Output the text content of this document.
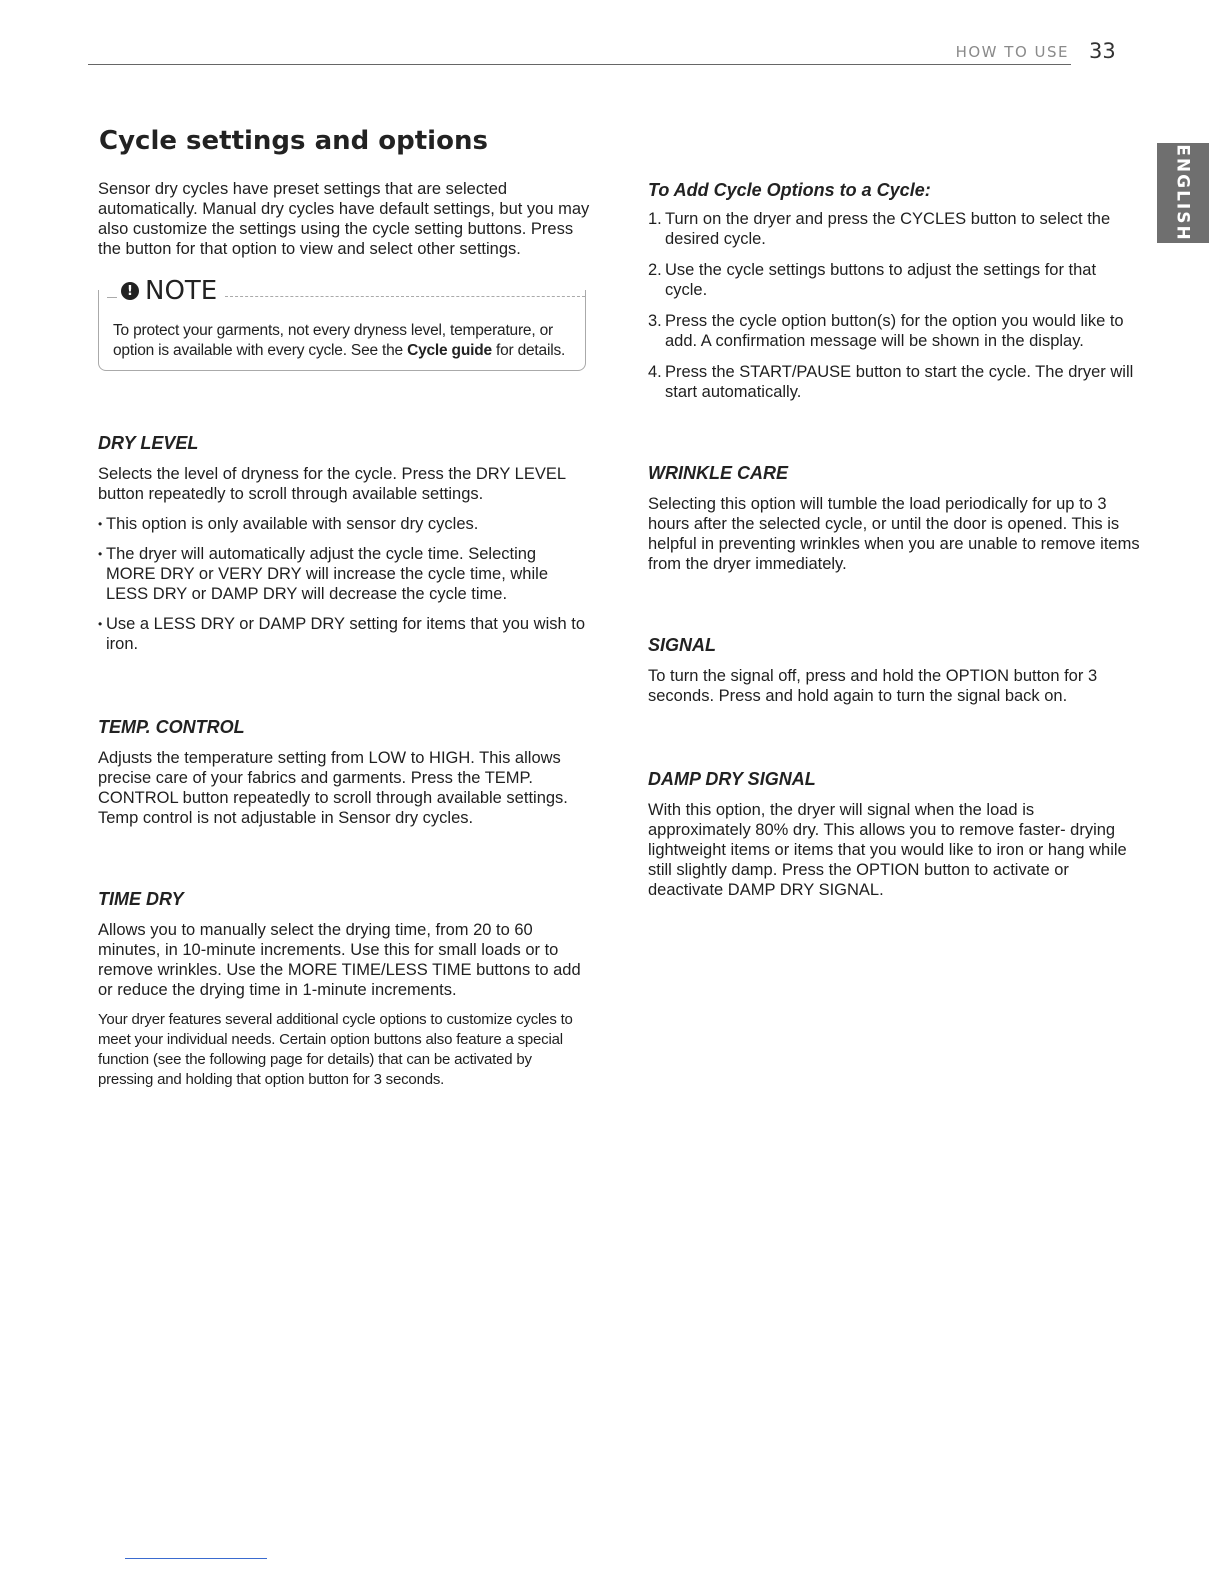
HOW TO USE 33
ENGLISH
Cycle settings and options

Sensor dry cycles have preset settings that are selected automatically. Manual dry cycles have default settings, but you may also customize the settings using the cycle setting buttons. Press the button for that option to view and select other settings.

! NOTE
To protect your garments, not every dryness level, temperature, or option is available with every cycle. See the Cycle guide for details.
To Add Cycle Options to a Cycle:
1. Turn on the dryer and press the CYCLES button to select the desired cycle.
2. Use the cycle settings buttons to adjust the settings for that cycle.
3. Press the cycle option button(s) for the option you would like to add. A confirmation message will be shown in the display.
4. Press the START/PAUSE button to start the cycle. The dryer will start automatically.
DRY LEVEL

Selects the level of dryness for the cycle. Press the DRY LEVEL button repeatedly to scroll through available settings.

• This option is only available with sensor dry cycles.
• The dryer will automatically adjust the cycle time. Selecting MORE DRY or VERY DRY will increase the cycle time, while LESS DRY or DAMP DRY will decrease the cycle time.
• Use a LESS DRY or DAMP DRY setting for items that you wish to iron.
TEMP. CONTROL

Adjusts the temperature setting from LOW to HIGH. This allows precise care of your fabrics and garments. Press the TEMP. CONTROL button repeatedly to scroll through available settings. Temp control is not adjustable in Sensor dry cycles.

TIME DRY

Allows you to manually select the drying time, from 20 to 60 minutes, in 10-minute increments. Use this for small loads or to remove wrinkles. Use the MORE TIME/LESS TIME buttons to add or reduce the drying time in 1-minute increments.

Your dryer features several additional cycle options to customize cycles to meet your individual needs. Certain option buttons also feature a special function (see the following page for details) that can be activated by pressing and holding that option button for 3 seconds.

WRINKLE CARE

Selecting this option will tumble the load periodically for up to 3 hours after the selected cycle, or until the door is opened. This is helpful in preventing wrinkles when you are unable to remove items from the dryer immediately.

SIGNAL

To turn the signal off, press and hold the OPTION button for 3 seconds. Press and hold again to turn the signal back on.

DAMP DRY SIGNAL

With this option, the dryer will signal when the load is approximately 80% dry. This allows you to remove faster- drying lightweight items or items that you would like to iron or hang while still slightly damp. Press the OPTION button to activate or deactivate DAMP DRY SIGNAL.
